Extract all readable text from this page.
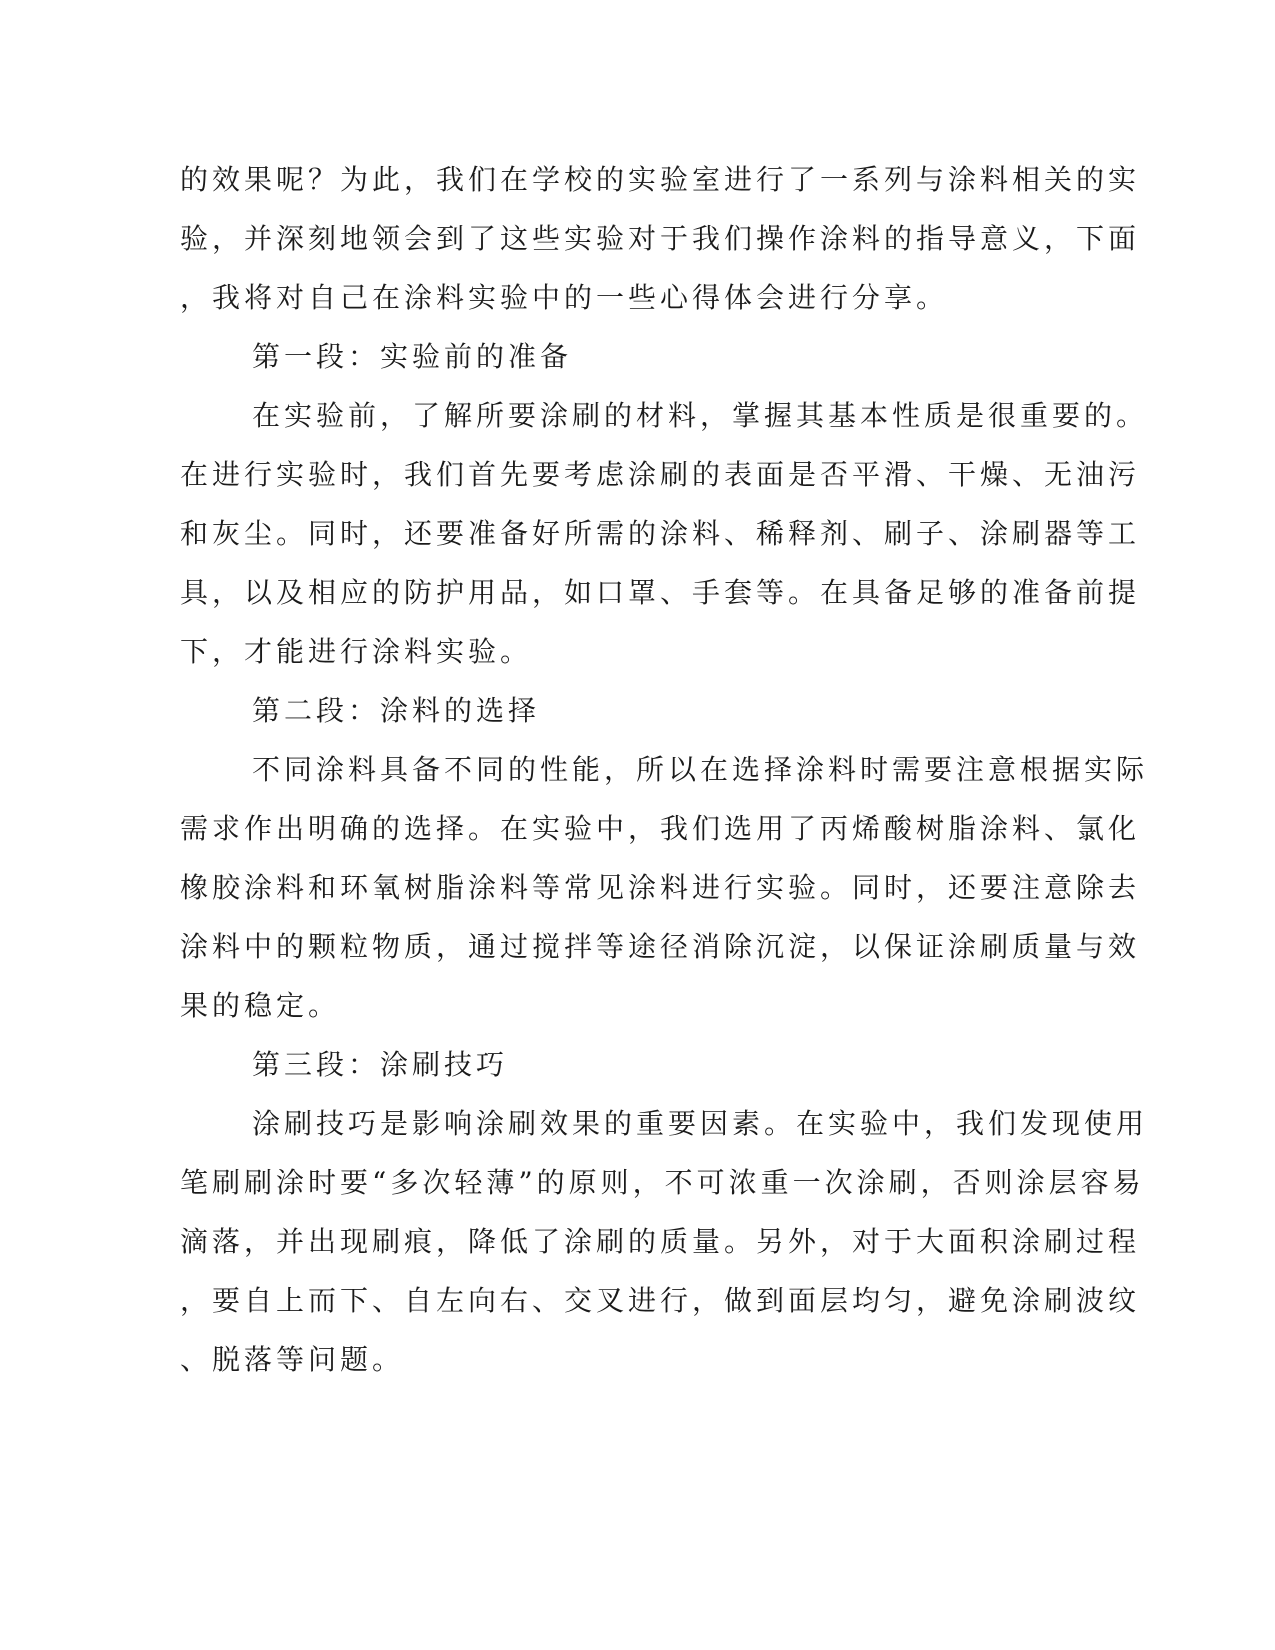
的效果呢？为此，我们在学校的实验室进行了一系列与涂料相关的实
验，并深刻地领会到了这些实验对于我们操作涂料的指导意义，下面
，我将对自己在涂料实验中的一些心得体会进行分享。
第一段：实验前的准备
在实验前，了解所要涂刷的材料，掌握其基本性质是很重要的。
在进行实验时，我们首先要考虑涂刷的表面是否平滑、干燥、无油污
和灰尘。同时，还要准备好所需的涂料、稀释剂、刷子、涂刷器等工
具，以及相应的防护用品，如口罩、手套等。在具备足够的准备前提
下，才能进行涂料实验。
第二段：涂料的选择
不同涂料具备不同的性能，所以在选择涂料时需要注意根据实际
需求作出明确的选择。在实验中，我们选用了丙烯酸树脂涂料、氯化
橡胶涂料和环氧树脂涂料等常见涂料进行实验。同时，还要注意除去
涂料中的颗粒物质，通过搅拌等途径消除沉淀，以保证涂刷质量与效
果的稳定。
第三段：涂刷技巧
涂刷技巧是影响涂刷效果的重要因素。在实验中，我们发现使用
笔刷刷涂时要“多次轻薄”的原则，不可浓重一次涂刷，否则涂层容易
滴落，并出现刷痕，降低了涂刷的质量。另外，对于大面积涂刷过程
，要自上而下、自左向右、交叉进行，做到面层均匀，避免涂刷波纹
、脱落等问题。
